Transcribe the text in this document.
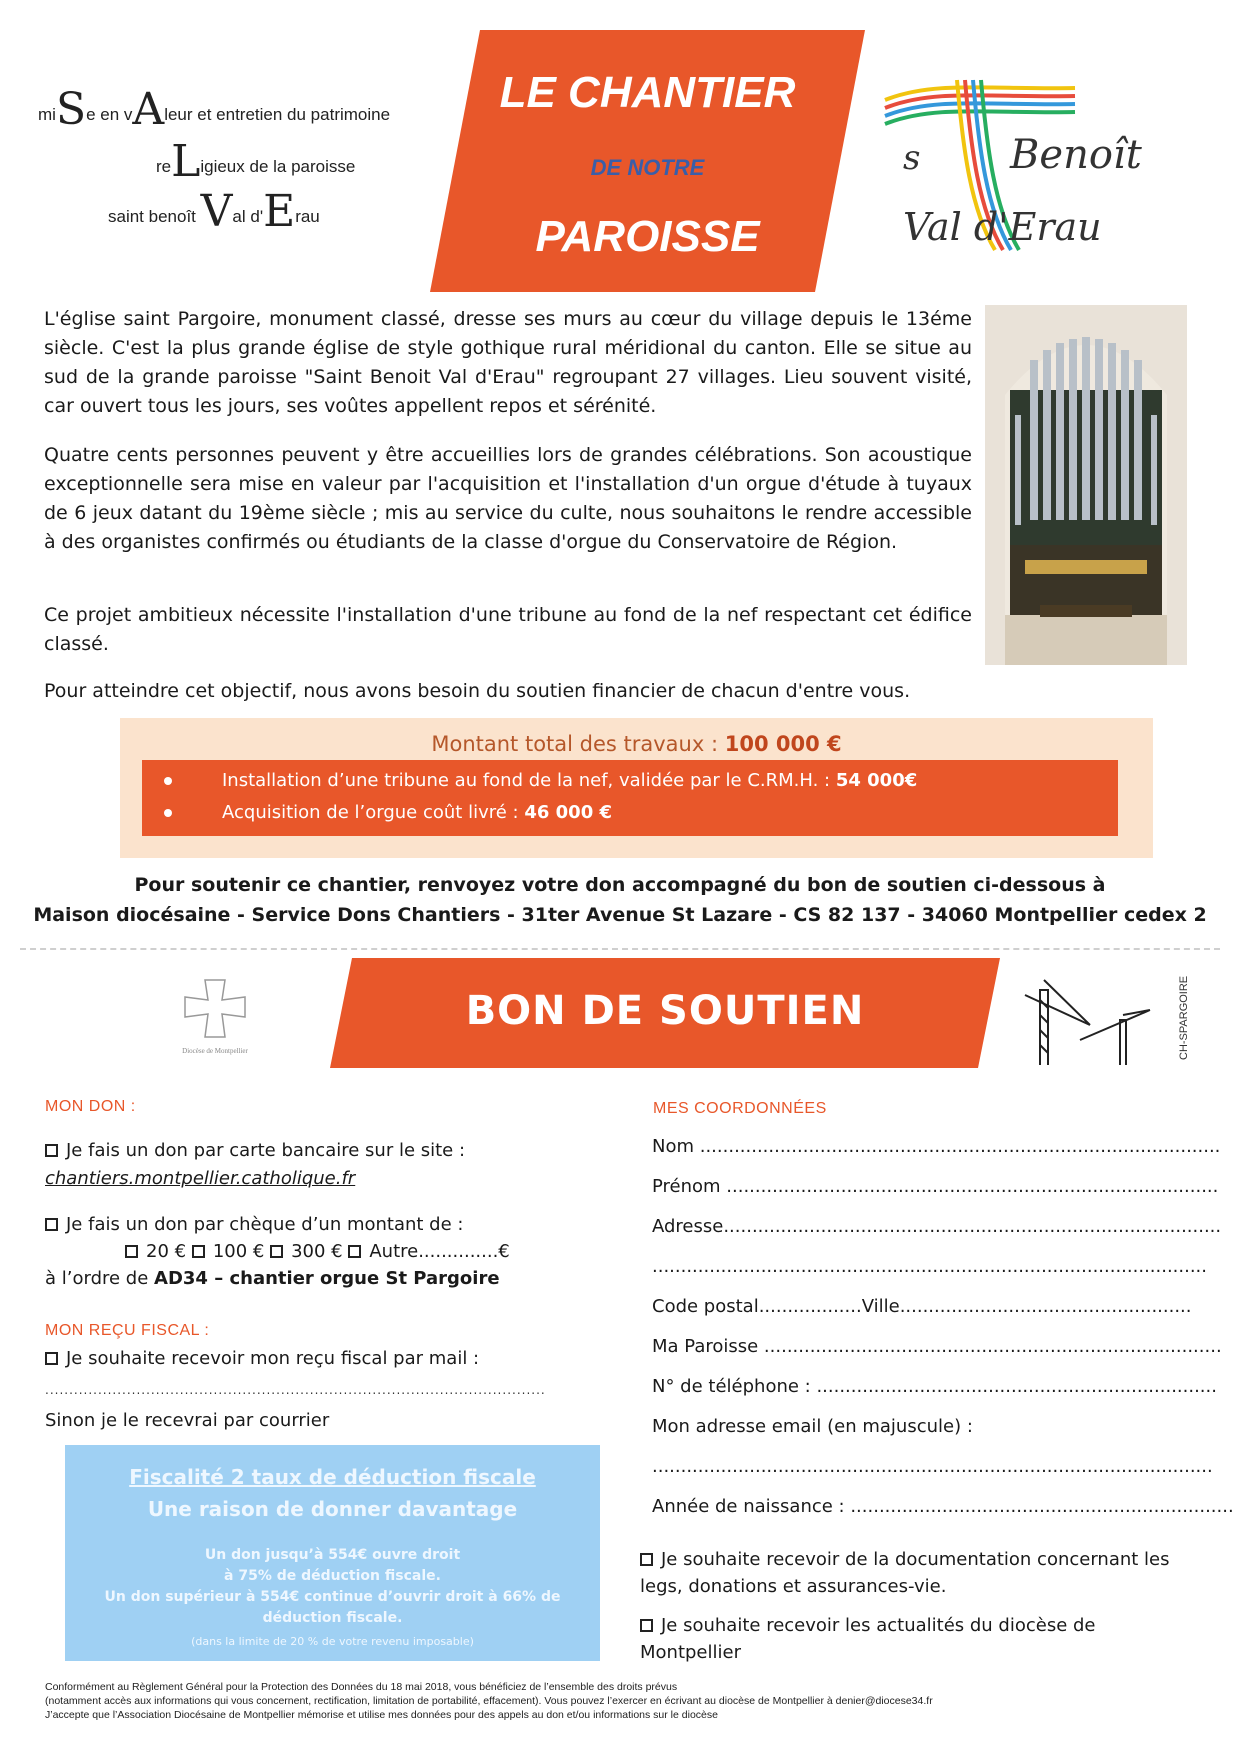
miSe en vAleur et entretien du patrimoine
reLigieux de la paroisse
saint benoît Val d'Erau
LE CHANTIER
DE NOTRE
PAROISSE
s Benoît
Val d'Erau
L'église saint Pargoire, monument classé, dresse ses murs au cœur du village depuis le 13éme siècle. C'est la plus grande église de style gothique rural méridional du canton. Elle se situe au sud de la grande paroisse "Saint Benoit Val d'Erau" regroupant 27 villages. Lieu souvent visité, car ouvert tous les jours, ses voûtes appellent repos et sérénité.
Quatre cents personnes peuvent y être accueillies lors de grandes célébrations. Son acoustique exceptionnelle sera mise en valeur par l'acquisition et l'installation d'un orgue d'étude à tuyaux de 6 jeux datant du 19ème siècle ; mis au service du culte, nous souhaitons le rendre accessible à des organistes confirmés ou étudiants de la classe d'orgue du Conservatoire de Région.
Ce projet ambitieux nécessite l'installation d'une tribune au fond de la nef respectant cet édifice classé.
Pour atteindre cet objectif, nous avons besoin du soutien financier de chacun d'entre vous.
Montant total des travaux : 100 000 €
Installation d’une tribune au fond de la nef, validée par le C.RM.H. : 54 000€
Acquisition de l’orgue coût livré : 46 000 €
Pour soutenir ce chantier, renvoyez votre don accompagné du bon de soutien ci-dessous à
Maison diocésaine - Service Dons Chantiers - 31ter Avenue St Lazare - CS 82 137 - 34060 Montpellier cedex 2
Diocèse de Montpellier
BON DE SOUTIEN	CH-SPARGOIRE
MON DON :
Je fais un don par carte bancaire sur le site :
chantiers.montpellier.catholique.fr
Je fais un don par chèque d’un montant de :
20 € 100 € 300 € Autre..............€
à l’ordre de AD34 – chantier orgue St Pargoire
MON REÇU FISCAL :
Je souhaite recevoir mon reçu fiscal par mail :
........................................................................................................
Sinon je le recevrai par courrier
Fiscalité 2 taux de déduction fiscale
Une raison de donner davantage
Un don jusqu’à 554€ ouvre droit
à 75% de déduction fiscale.
Un don supérieur à 554€ continue d’ouvrir droit à 66% de
déduction fiscale.
(dans la limite de 20 % de votre revenu imposable)
MES COORDONNÉES
Nom ...........................................................................................
Prénom ......................................................................................
Adresse.......................................................................................
.................................................................................................
Code postal..................Ville...................................................
Ma Paroisse ................................................................................
N° de téléphone : ......................................................................
Mon adresse email (en majuscule) :
..................................................................................................
Année de naissance : ...................................................................
Je souhaite recevoir de la documentation concernant les
legs, donations et assurances-vie.
Je souhaite recevoir les actualités du diocèse de
Montpellier
Conformément au Règlement Général pour la Protection des Données du 18 mai 2018, vous bénéficiez de l’ensemble des droits prévus
(notamment accès aux informations qui vous concernent, rectification, limitation de portabilité, effacement). Vous pouvez l’exercer en écrivant au diocèse de Montpellier à denier@diocese34.fr
J’accepte que l’Association Diocésaine de Montpellier mémorise et utilise mes données pour des appels au don et/ou informations sur le diocèse
